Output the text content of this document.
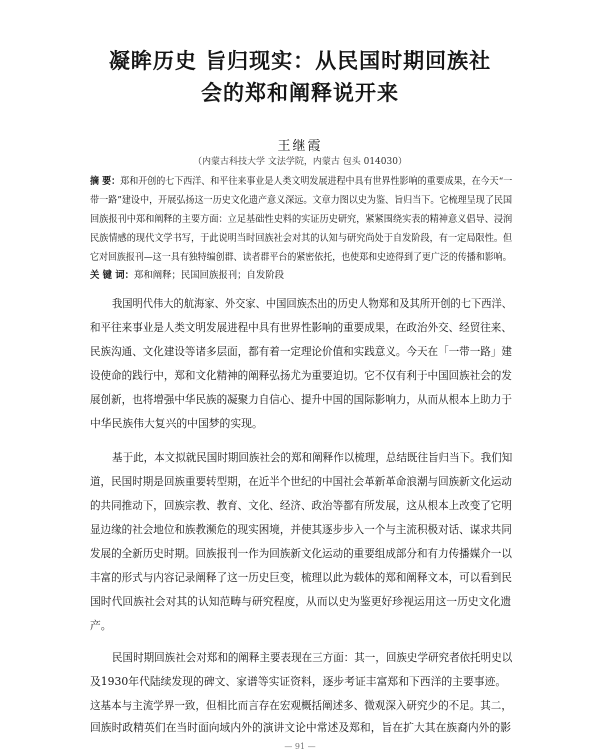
凝眸历史 旨归现实：从民国时期回族社
会的郑和阐释说开来
王继霞
（内蒙古科技大学 文法学院，内蒙古 包头 014030）
摘 要：郑和开创的七下西洋、和平往来事业是人类文明发展进程中具有世界性影响的重要成果，在今天“一
带一路”建设中，开展弘扬这一历史文化遗产意义深远。文章力图以史为鉴、旨归当下。它梳理呈现了民国
回族报刊中郑和阐释的主要方面：立足基础性史料的实证历史研究，紧紧围绕实表的精神意义倡导、浸润
民族情感的现代文学书写，于此说明当时回族社会对其的认知与研究尚处于自发阶段，有一定局限性。但
它对回族报刊—这一具有独特编创群、读者群平台的紧密依托，也使郑和史迹得到了更广泛的传播和影响。
关 键 词：郑和阐释；民国回族报刊；自发阶段
我国明代伟大的航海家、外交家、中国回族杰出的历史人物郑和及其所开创的七下西洋、
和平往来事业是人类文明发展进程中具有世界性影响的重要成果，在政治外交、经贸往来、
民族沟通、文化建设等诸多层面，都有着一定理论价值和实践意义。今天在「一带一路」建
设使命的践行中，郑和文化精神的阐释弘扬尤为重要迫切。它不仅有利于中国回族社会的发
展创新，也将增强中华民族的凝聚力自信心、提升中国的国际影响力，从而从根本上助力于
中华民族伟大复兴的中国梦的实现。
基于此，本文拟就民国时期回族社会的郑和阐释作以梳理，总结既往旨归当下。我们知
道，民国时期是回族重要转型期，在近半个世纪的中国社会革新革命浪潮与回族新文化运动
的共同推动下，回族宗教、教育、文化、经济、政治等都有所发展，这从根本上改变了它明
显边缘的社会地位和族教濒危的现实困境，并使其逐步步入一个与主流积极对话、谋求共同
发展的全新历史时期。回族报刊一作为回族新文化运动的重要组成部分和有力传播媒介一以
丰富的形式与内容记录阐释了这一历史巨变，梳理以此为载体的郑和阐释文本，可以看到民
国时代回族社会对其的认知范畴与研究程度，从而以史为鉴更好珍视运用这一历史文化遗
产。
民国时期回族社会对郑和的阐释主要表现在三方面：其一，回族史学研究者依托明史以
及1930年代陆续发现的碑文、家谱等实证资料，逐步考证丰富郑和下西洋的主要事迹。
这基本与主流学界一致，但相比而言存在宏观概括阐述多、微观深入研究少的不足。其二，
回族时政精英们在当时面向域内外的演讲文论中常述及郑和，旨在扩大其在族裔内外的影
— 91 —
